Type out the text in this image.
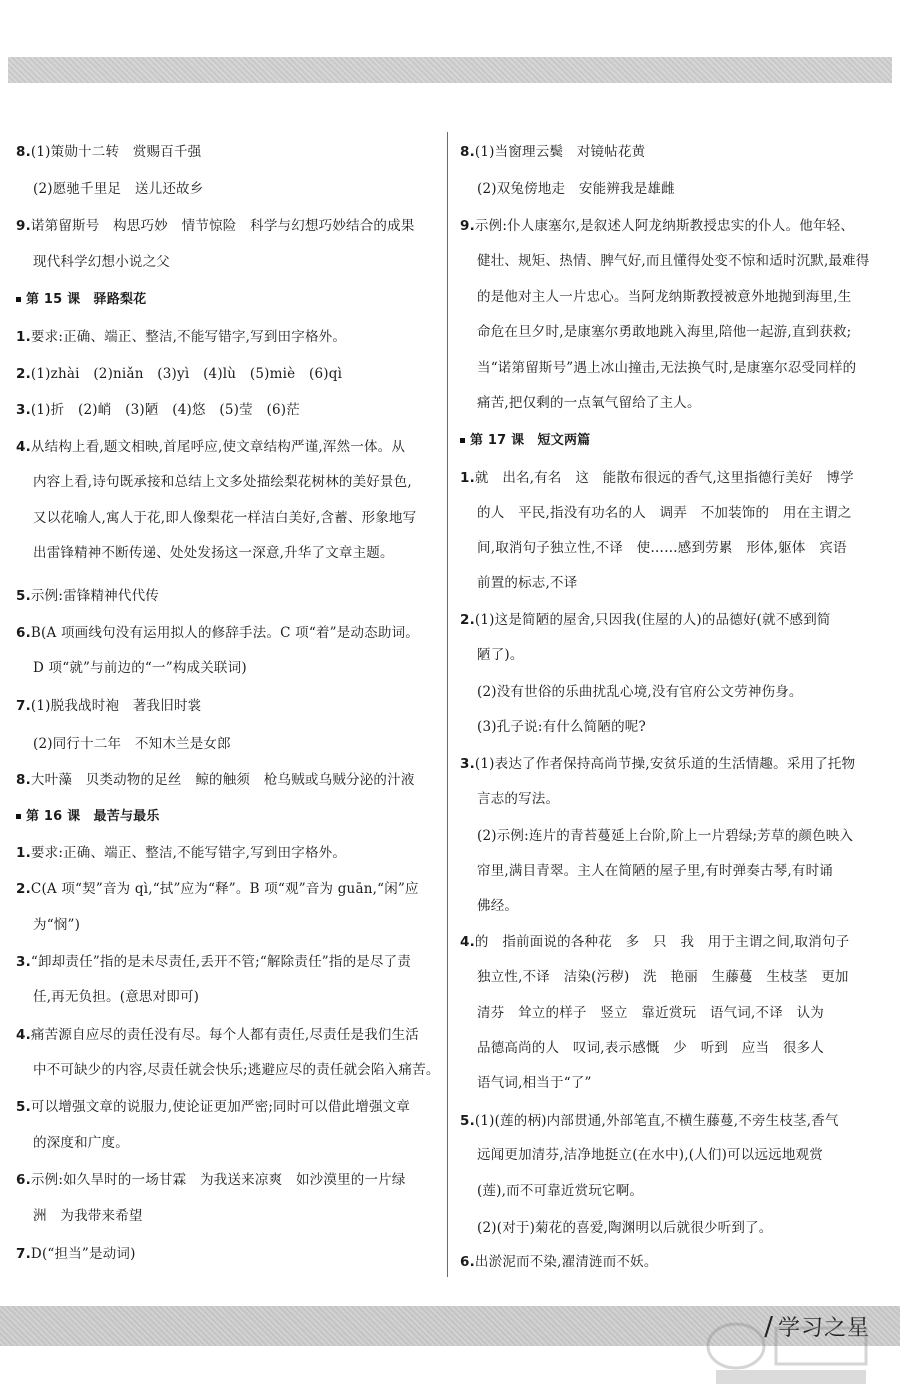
8.(1)策勋十二转　赏赐百千强
(2)愿驰千里足　送儿还故乡
9.诺第留斯号　构思巧妙　情节惊险　科学与幻想巧妙结合的成果
现代科学幻想小说之父
第 15 课　驿路梨花
1.要求:正确、端正、整洁,不能写错字,写到田字格外。
2.(1)zhài　(2)niǎn　(3)yì　(4)lù　(5)miè　(6)qì
3.(1)折　(2)峭　(3)陋　(4)悠　(5)莹　(6)茫
4.从结构上看,题文相映,首尾呼应,使文章结构严谨,浑然一体。从
内容上看,诗句既承接和总结上文多处描绘梨花树林的美好景色,
又以花喻人,寓人于花,即人像梨花一样洁白美好,含蓄、形象地写
出雷锋精神不断传递、处处发扬这一深意,升华了文章主题。
5.示例:雷锋精神代代传
6.B(A 项画线句没有运用拟人的修辞手法。C 项“着”是动态助词。
D 项“就”与前边的“一”构成关联词)
7.(1)脱我战时袍　著我旧时裳
(2)同行十二年　不知木兰是女郎
8.大叶藻　贝类动物的足丝　鲸的触须　枪乌贼或乌贼分泌的汁液
第 16 课　最苦与最乐
1.要求:正确、端正、整洁,不能写错字,写到田字格外。
2.C(A 项“契”音为 qì,“拭”应为“释”。B 项“观”音为 guān,“闲”应
为“悯”)
3.“卸却责任”指的是未尽责任,丢开不管;“解除责任”指的是尽了责
任,再无负担。(意思对即可)
4.痛苦源自应尽的责任没有尽。每个人都有责任,尽责任是我们生活
中不可缺少的内容,尽责任就会快乐;逃避应尽的责任就会陷入痛苦。
5.可以增强文章的说服力,使论证更加严密;同时可以借此增强文章
的深度和广度。
6.示例:如久旱时的一场甘霖　为我送来凉爽　如沙漠里的一片绿
洲　为我带来希望
7.D(“担当”是动词)
8.(1)当窗理云鬓　对镜帖花黄
(2)双兔傍地走　安能辨我是雄雌
9.示例:仆人康塞尔,是叙述人阿龙纳斯教授忠实的仆人。他年轻、
健壮、规矩、热情、脾气好,而且懂得处变不惊和适时沉默,最难得
的是他对主人一片忠心。当阿龙纳斯教授被意外地抛到海里,生
命危在旦夕时,是康塞尔勇敢地跳入海里,陪他一起游,直到获救;
当“诺第留斯号”遇上冰山撞击,无法换气时,是康塞尔忍受同样的
痛苦,把仅剩的一点氧气留给了主人。
第 17 课　短文两篇
1.就　出名,有名　这　能散布很远的香气,这里指德行美好　博学
的人　平民,指没有功名的人　调弄　不加装饰的　用在主谓之
间,取消句子独立性,不译　使……感到劳累　形体,躯体　宾语
前置的标志,不译
2.(1)这是简陋的屋舍,只因我(住屋的人)的品德好(就不感到简
陋了)。
(2)没有世俗的乐曲扰乱心境,没有官府公文劳神伤身。
(3)孔子说:有什么简陋的呢?
3.(1)表达了作者保持高尚节操,安贫乐道的生活情趣。采用了托物
言志的写法。
(2)示例:连片的青苔蔓延上台阶,阶上一片碧绿;芳草的颜色映入
帘里,满目青翠。主人在简陋的屋子里,有时弹奏古琴,有时诵
佛经。
4.的　指前面说的各种花　多　只　我　用于主谓之间,取消句子
独立性,不译　洁染(污秽)　洗　艳丽　生藤蔓　生枝茎　更加
清芬　耸立的样子　竖立　靠近赏玩　语气词,不译　认为
品德高尚的人　叹词,表示感慨　少　听到　应当　很多人
语气词,相当于“了”
5.(1)(莲的柄)内部贯通,外部笔直,不横生藤蔓,不旁生枝茎,香气
远闻更加清芬,洁净地挺立(在水中),(人们)可以远远地观赏
(莲),而不可靠近赏玩它啊。
(2)(对于)菊花的喜爱,陶渊明以后就很少听到了。
6.出淤泥而不染,濯清涟而不妖。
/ 学习之星
